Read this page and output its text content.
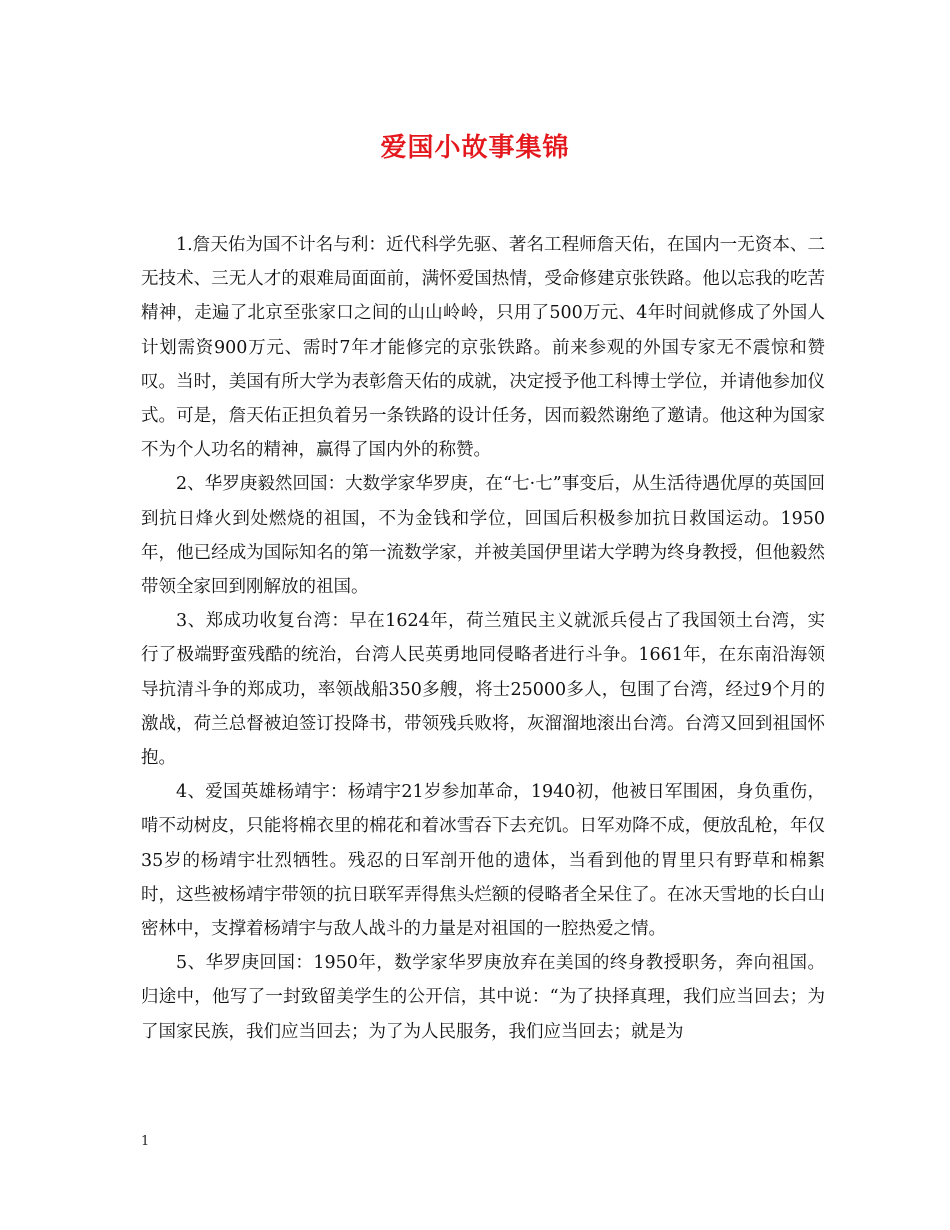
爱国小故事集锦

1.詹天佑为国不计名与利：近代科学先驱、著名工程师詹天佑，在国内一无资本、二无技术、三无人才的艰难局面面前，满怀爱国热情，受命修建京张铁路。他以忘我的吃苦精神，走遍了北京至张家口之间的山山岭岭，只用了500万元、4年时间就修成了外国人计划需资900万元、需时7年才能修完的京张铁路。前来参观的外国专家无不震惊和赞叹。当时，美国有所大学为表彰詹天佑的成就，决定授予他工科博士学位，并请他参加仪式。可是，詹天佑正担负着另一条铁路的设计任务，因而毅然谢绝了邀请。他这种为国家不为个人功名的精神，赢得了国内外的称赞。

2、华罗庚毅然回国：大数学家华罗庚，在“七·七”事变后，从生活待遇优厚的英国回到抗日烽火到处燃烧的祖国，不为金钱和学位，回国后积极参加抗日救国运动。1950年，他已经成为国际知名的第一流数学家，并被美国伊里诺大学聘为终身教授，但他毅然带领全家回到刚解放的祖国。

3、郑成功收复台湾：早在1624年，荷兰殖民主义就派兵侵占了我国领土台湾，实行了极端野蛮残酷的统治，台湾人民英勇地同侵略者进行斗争。1661年，在东南沿海领导抗清斗争的郑成功，率领战船350多艘，将士25000多人，包围了台湾，经过9个月的激战，荷兰总督被迫签订投降书，带领残兵败将，灰溜溜地滚出台湾。台湾又回到祖国怀抱。

4、爱国英雄杨靖宇：杨靖宇21岁参加革命，1940初，他被日军围困，身负重伤，啃不动树皮，只能将棉衣里的棉花和着冰雪吞下去充饥。日军劝降不成，便放乱枪，年仅35岁的杨靖宇壮烈牺牲。残忍的日军剖开他的遗体，当看到他的胃里只有野草和棉絮时，这些被杨靖宇带领的抗日联军弄得焦头烂额的侵略者全呆住了。在冰天雪地的长白山密林中，支撑着杨靖宇与敌人战斗的力量是对祖国的一腔热爱之情。

5、华罗庚回国：1950年，数学家华罗庚放弃在美国的终身教授职务，奔向祖国。归途中，他写了一封致留美学生的公开信，其中说：“为了抉择真理，我们应当回去；为了国家民族，我们应当回去；为了为人民服务，我们应当回去；就是为

1
